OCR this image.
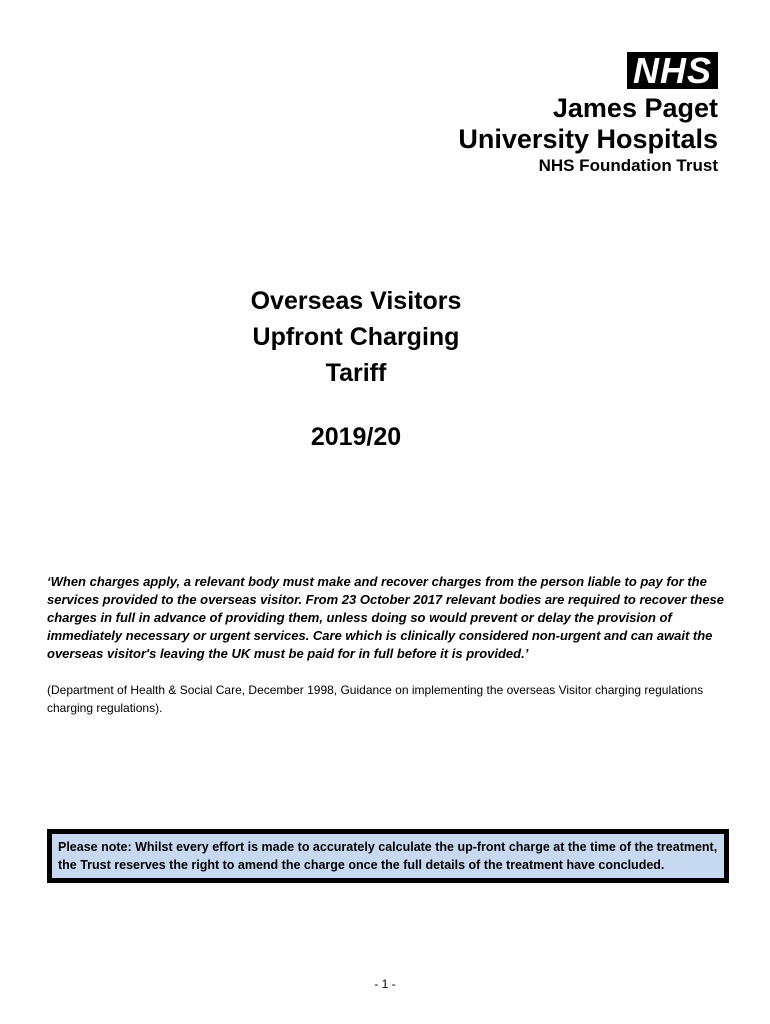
NHS
James Paget
University Hospitals
NHS Foundation Trust
Overseas Visitors
Upfront Charging
Tariff
2019/20
‘When charges apply, a relevant body must make and recover charges from the person liable to pay for the services provided to the overseas visitor. From 23 October 2017 relevant bodies are required to recover these charges in full in advance of providing them, unless doing so would prevent or delay the provision of immediately necessary or urgent services. Care which is clinically considered non-urgent and can await the overseas visitor's leaving the UK must be paid for in full before it is provided.’
(Department of Health & Social Care, December 1998, Guidance on implementing the overseas Visitor charging regulations charging regulations).
Please note: Whilst every effort is made to accurately calculate the up-front charge at the time of the treatment, the Trust reserves the right to amend the charge once the full details of the treatment have concluded.
- 1 -
